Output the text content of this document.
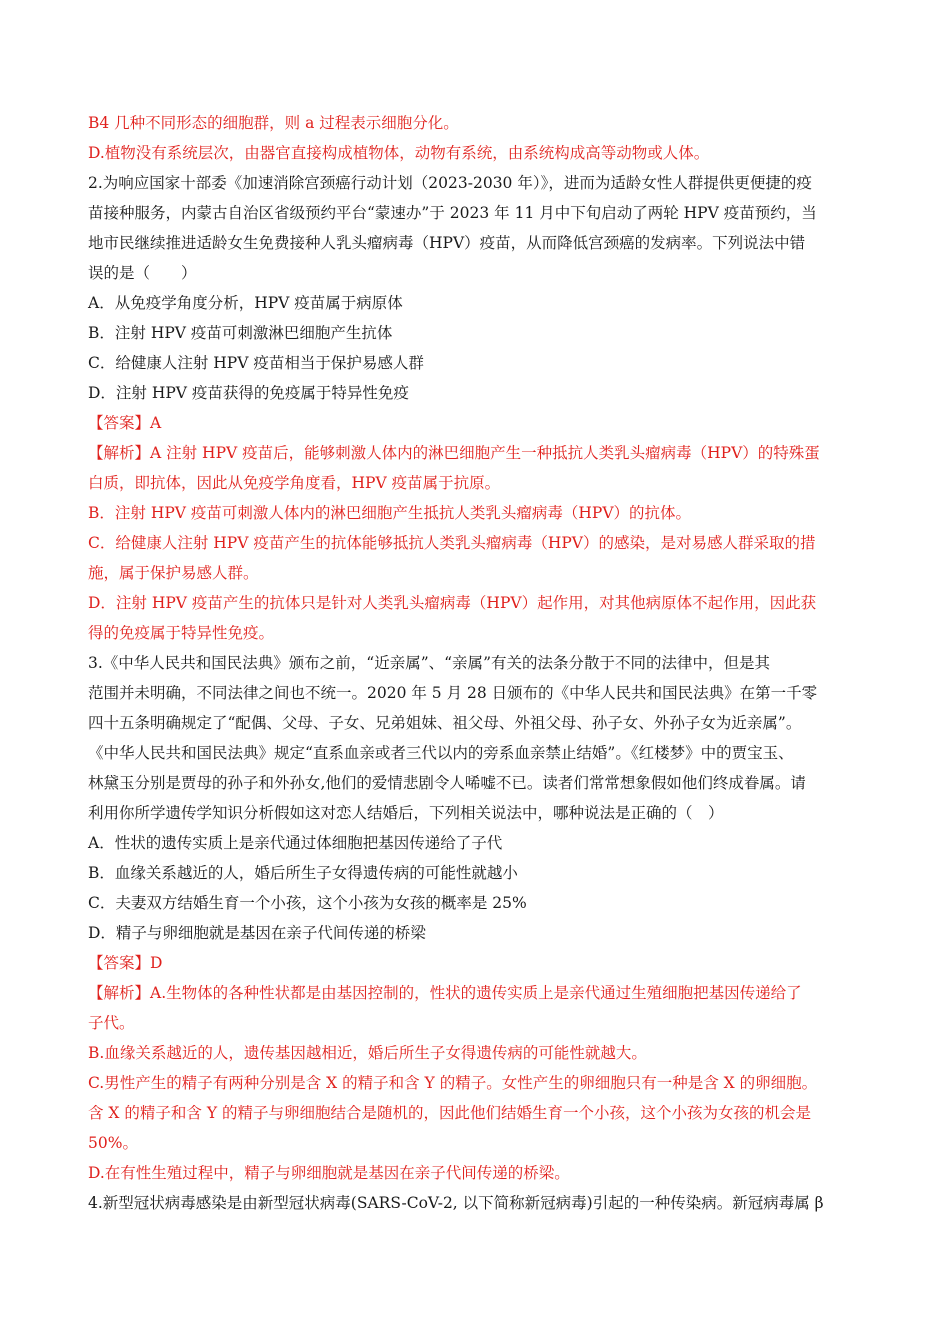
B4 几种不同形态的细胞群，则 a 过程表示细胞分化。
D.植物没有系统层次，由器官直接构成植物体，动物有系统，由系统构成高等动物或人体。
2.为响应国家十部委《加速消除宫颈癌行动计划（2023-2030 年）》，进而为适龄女性人群提供更便捷的疫
苗接种服务，内蒙古自治区省级预约平台“蒙速办”于 2023 年 11 月中下旬启动了两轮 HPV 疫苗预约，当
地市民继续推进适龄女生免费接种人乳头瘤病毒（HPV）疫苗，从而降低宫颈癌的发病率。下列说法中错
误的是（　　）
A．从免疫学角度分析，HPV 疫苗属于病原体
B．注射 HPV 疫苗可刺激淋巴细胞产生抗体
C．给健康人注射 HPV 疫苗相当于保护易感人群
D．注射 HPV 疫苗获得的免疫属于特异性免疫
【答案】A
【解析】A 注射 HPV 疫苗后，能够刺激人体内的淋巴细胞产生一种抵抗人类乳头瘤病毒（HPV）的特殊蛋
白质，即抗体，因此从免疫学角度看，HPV 疫苗属于抗原。
B．注射 HPV 疫苗可刺激人体内的淋巴细胞产生抵抗人类乳头瘤病毒（HPV）的抗体。
C．给健康人注射 HPV 疫苗产生的抗体能够抵抗人类乳头瘤病毒（HPV）的感染，是对易感人群采取的措
施，属于保护易感人群。
D．注射 HPV 疫苗产生的抗体只是针对人类乳头瘤病毒（HPV）起作用，对其他病原体不起作用，因此获
得的免疫属于特异性免疫。
3.《中华人民共和国民法典》颁布之前，“近亲属”、“亲属”有关的法条分散于不同的法律中，但是其
范围并未明确，不同法律之间也不统一。2020 年 5 月 28 日颁布的《中华人民共和国民法典》在第一千零
四十五条明确规定了“配偶、父母、子女、兄弟姐妹、祖父母、外祖父母、孙子女、外孙子女为近亲属”。
《中华人民共和国民法典》规定“直系血亲或者三代以内的旁系血亲禁止结婚”。《红楼梦》中的贾宝玉、
林黛玉分别是贾母的孙子和外孙女,他们的爱情悲剧令人唏嘘不已。读者们常常想象假如他们终成眷属。请
利用你所学遗传学知识分析假如这对恋人结婚后，下列相关说法中，哪种说法是正确的（　）
A．性状的遗传实质上是亲代通过体细胞把基因传递给了子代
B．血缘关系越近的人，婚后所生子女得遗传病的可能性就越小
C．夫妻双方结婚生育一个小孩，这个小孩为女孩的概率是 25%
D．精子与卵细胞就是基因在亲子代间传递的桥梁
【答案】D
【解析】A.生物体的各种性状都是由基因控制的，性状的遗传实质上是亲代通过生殖细胞把基因传递给了
子代。
B.血缘关系越近的人，遗传基因越相近，婚后所生子女得遗传病的可能性就越大。
C.男性产生的精子有两种分别是含 X 的精子和含 Y 的精子。女性产生的卵细胞只有一种是含 X 的卵细胞。
含 X 的精子和含 Y 的精子与卵细胞结合是随机的，因此他们结婚生育一个小孩，这个小孩为女孩的机会是
50%。
D.在有性生殖过程中，精子与卵细胞就是基因在亲子代间传递的桥梁。
4.新型冠状病毒感染是由新型冠状病毒(SARS-CoV-2, 以下简称新冠病毒)引起的一种传染病。新冠病毒属 β
